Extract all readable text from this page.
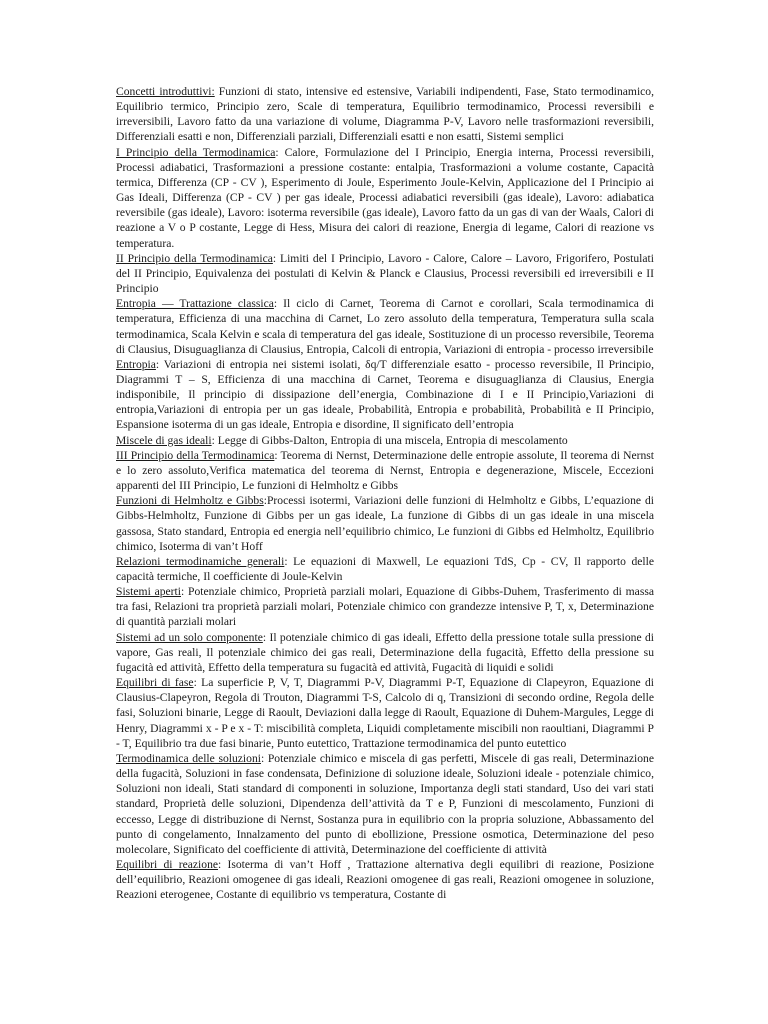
Concetti introduttivi: Funzioni di stato, intensive ed estensive, Variabili indipendenti, Fase, Stato termodinamico, Equilibrio termico, Principio zero, Scale di temperatura, Equilibrio termodinamico, Processi reversibili e irreversibili, Lavoro fatto da una variazione di volume, Diagramma P-V, Lavoro nelle trasformazioni reversibili, Differenziali esatti e non, Differenziali parziali, Differenziali esatti e non esatti, Sistemi semplici

I Principio della Termodinamica: Calore, Formulazione del I Principio, Energia interna, Processi reversibili, Processi adiabatici, Trasformazioni a pressione costante: entalpia, Trasformazioni a volume costante, Capacità termica, Differenza (CP - CV ), Esperimento di Joule, Esperimento Joule-Kelvin, Applicazione del I Principio ai Gas Ideali, Differenza (CP - CV ) per gas ideale, Processi adiabatici reversibili (gas ideale), Lavoro: adiabatica reversibile (gas ideale), Lavoro: isoterma reversibile (gas ideale), Lavoro fatto da un gas di van der Waals, Calori di reazione a V o P costante, Legge di Hess, Misura dei calori di reazione, Energia di legame, Calori di reazione vs temperatura.

II Principio della Termodinamica: Limiti del I Principio, Lavoro - Calore, Calore – Lavoro, Frigorifero, Postulati del II Principio, Equivalenza dei postulati di Kelvin & Planck e Clausius, Processi reversibili ed irreversibili e II Principio

Entropia — Trattazione classica: Il ciclo di Carnet, Teorema di Carnot e corollari, Scala termodinamica di temperatura, Efficienza di una macchina di Carnet, Lo zero assoluto della temperatura, Temperatura sulla scala termodinamica, Scala Kelvin e scala di temperatura del gas ideale, Sostituzione di un processo reversibile, Teorema di Clausius, Disuguaglianza di Clausius, Entropia, Calcoli di entropia, Variazioni di entropia - processo irreversibile

Entropia: Variazioni di entropia nei sistemi isolati, δq/T differenziale esatto - processo reversibile, Il Principio, Diagrammi T – S, Efficienza di una macchina di Carnet, Teorema e disuguaglianza di Clausius, Energia indisponibile, Il principio di dissipazione dell’energia, Combinazione di I e II Principio,Variazioni di entropia,Variazioni di entropia per un gas ideale, Probabilità, Entropia e probabilità, Probabilità e II Principio, Espansione isoterma di un gas ideale, Entropia e disordine, Il significato dell’entropia

Miscele di gas ideali: Legge di Gibbs-Dalton, Entropia di una miscela, Entropia di mescolamento

III Principio della Termodinamica: Teorema di Nernst, Determinazione delle entropie assolute, Il teorema di Nernst e lo zero assoluto,Verifica matematica del teorema di Nernst, Entropia e degenerazione, Miscele, Eccezioni apparenti del III Principio, Le funzioni di Helmholtz e Gibbs

Funzioni di Helmholtz e Gibbs:Processi isotermi, Variazioni delle funzioni di Helmholtz e Gibbs, L’equazione di Gibbs-Helmholtz, Funzione di Gibbs per un gas ideale, La funzione di Gibbs di un gas ideale in una miscela gassosa, Stato standard, Entropia ed energia nell’equilibrio chimico, Le funzioni di Gibbs ed Helmholtz, Equilibrio chimico, Isoterma di van’t Hoff

Relazioni termodinamiche generali: Le equazioni di Maxwell, Le equazioni TdS, Cp - CV, Il rapporto delle capacità termiche, Il coefficiente di Joule-Kelvin

Sistemi aperti: Potenziale chimico, Proprietà parziali molari, Equazione di Gibbs-Duhem, Trasferimento di massa tra fasi, Relazioni tra proprietà parziali molari, Potenziale chimico con grandezze intensive P, T, x, Determinazione di quantità parziali molari

Sistemi ad un solo componente: Il potenziale chimico di gas ideali, Effetto della pressione totale sulla pressione di vapore, Gas reali, Il potenziale chimico dei gas reali, Determinazione della fugacità, Effetto della pressione su fugacità ed attività, Effetto della temperatura su fugacità ed attività, Fugacità di liquidi e solidi

Equilibri di fase: La superficie P, V, T, Diagrammi P-V, Diagrammi P-T, Equazione di Clapeyron, Equazione di Clausius-Clapeyron, Regola di Trouton, Diagrammi T-S, Calcolo di q, Transizioni di secondo ordine, Regola delle fasi, Soluzioni binarie, Legge di Raoult, Deviazioni dalla legge di Raoult, Equazione di Duhem-Margules, Legge di Henry, Diagrammi x - P e x - T: miscibilità completa, Liquidi completamente miscibili non raoultiani, Diagrammi P - T, Equilibrio tra due fasi binarie, Punto eutettico, Trattazione termodinamica del punto eutettico

Termodinamica delle soluzioni: Potenziale chimico e miscela di gas perfetti, Miscele di gas reali, Determinazione della fugacità, Soluzioni in fase condensata, Definizione di soluzione ideale, Soluzioni ideale - potenziale chimico, Soluzioni non ideali, Stati standard di componenti in soluzione, Importanza degli stati standard, Uso dei vari stati standard, Proprietà delle soluzioni, Dipendenza dell’attività da T e P, Funzioni di mescolamento, Funzioni di eccesso, Legge di distribuzione di Nernst, Sostanza pura in equilibrio con la propria soluzione, Abbassamento del punto di congelamento, Innalzamento del punto di ebollizione, Pressione osmotica, Determinazione del peso molecolare, Significato del coefficiente di attività, Determinazione del coefficiente di attività

Equilibri di reazione: Isoterma di van’t Hoff , Trattazione alternativa degli equilibri di reazione, Posizione dell’equilibrio, Reazioni omogenee di gas ideali, Reazioni omogenee di gas reali, Reazioni omogenee in soluzione, Reazioni eterogenee, Costante di equilibrio vs temperatura, Costante di
